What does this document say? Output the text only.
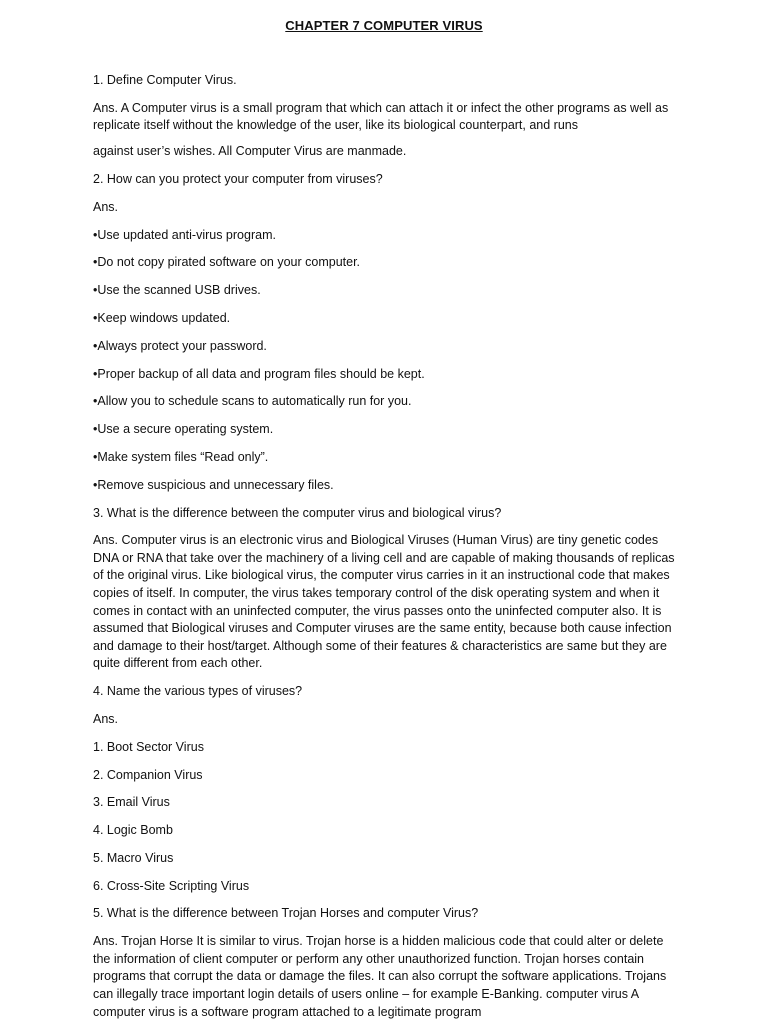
CHAPTER 7 COMPUTER VIRUS

1. Define Computer Virus.

Ans. A Computer virus is a small program that which can attach it or infect the other programs as well as replicate itself without the knowledge of the user, like its biological counterpart, and runs

against user’s wishes. All Computer Virus are manmade.

2. How can you protect your computer from viruses?

Ans.

• Use updated anti-virus program.

• Do not copy pirated software on your computer.

• Use the scanned USB drives.

• Keep windows updated.

• Always protect your password.

• Proper backup of all data and program files should be kept.

• Allow you to schedule scans to automatically run for you.

• Use a secure operating system.

• Make system files “Read only”.

• Remove suspicious and unnecessary files.

3. What is the difference between the computer virus and biological virus?

Ans. Computer virus is an electronic virus and Biological Viruses (Human Virus) are tiny genetic codes DNA or RNA that take over the machinery of a living cell and are capable of making thousands of replicas of the original virus. Like biological virus, the computer virus carries in it an instructional code that makes copies of itself. In computer, the virus takes temporary control of the disk operating system and when it comes in contact with an uninfected computer, the virus passes onto the uninfected computer also. It is assumed that Biological viruses and Computer viruses are the same entity, because both cause infection and damage to their host/target. Although some of their features & characteristics are same but they are quite different from each other.

4. Name the various types of viruses?

Ans.

1. Boot Sector Virus

2. Companion Virus

3. Email Virus

4. Logic Bomb

5. Macro Virus

6. Cross-Site Scripting Virus

5. What is the difference between Trojan Horses and computer Virus?

Ans. Trojan Horse It is similar to virus. Trojan horse is a hidden malicious code that could alter or delete the information of client computer or perform any other unauthorized function. Trojan horses contain programs that corrupt the data or damage the files. It can also corrupt the software applications. Trojans can illegally trace important login details of users online – for example E-Banking. computer virus A computer virus is a software program attached to a legitimate program
